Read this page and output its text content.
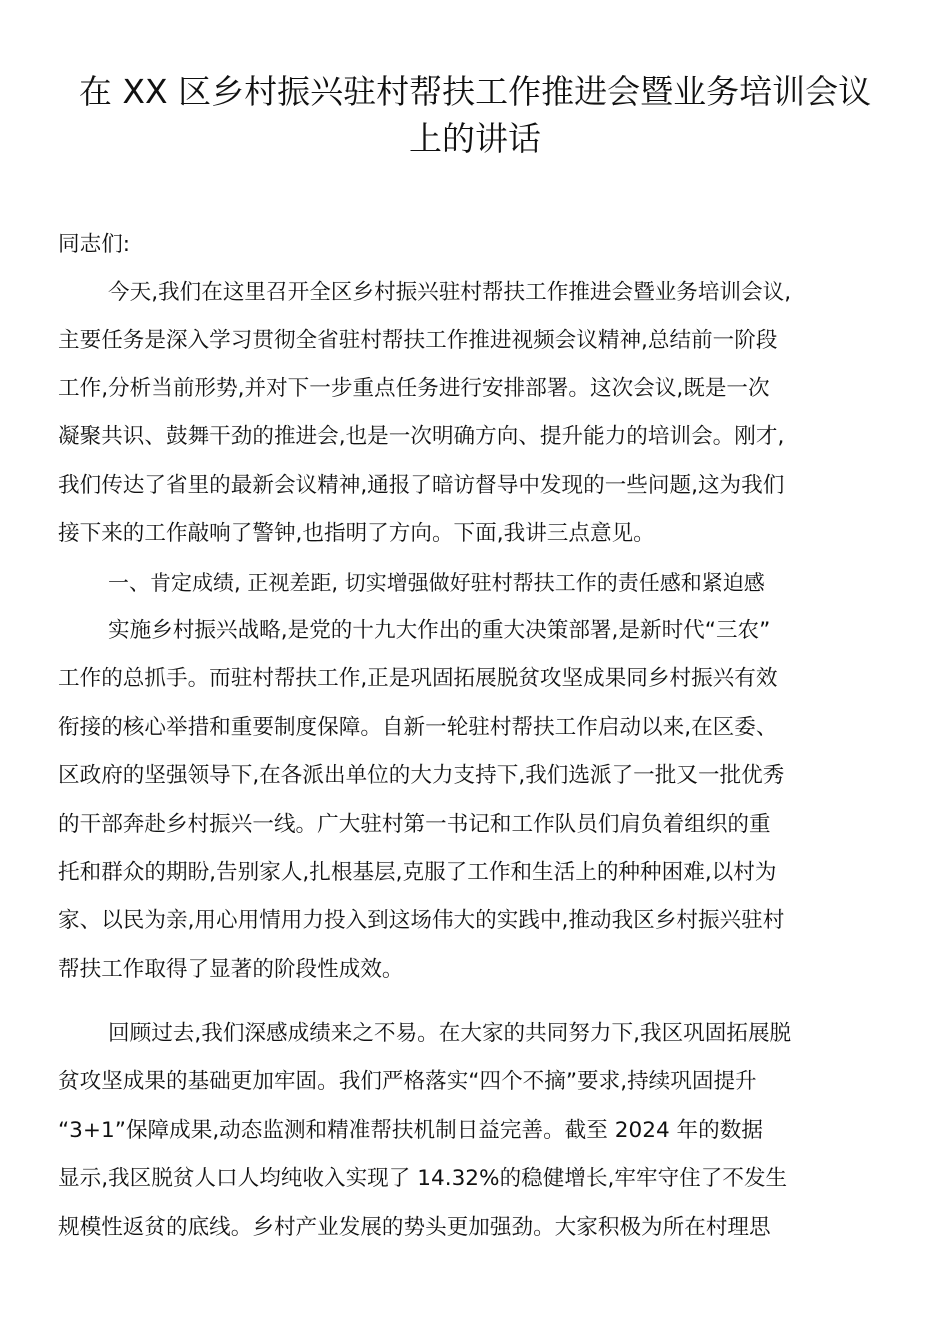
在 XX 区乡村振兴驻村帮扶工作推进会暨业务培训会议
上的讲话
同志们:
今天,我们在这里召开全区乡村振兴驻村帮扶工作推进会暨业务培训会议,
主要任务是深入学习贯彻全省驻村帮扶工作推进视频会议精神,总结前一阶段
工作,分析当前形势,并对下一步重点任务进行安排部署。这次会议,既是一次
凝聚共识、鼓舞干劲的推进会,也是一次明确方向、提升能力的培训会。刚才,
我们传达了省里的最新会议精神,通报了暗访督导中发现的一些问题,这为我们
接下来的工作敲响了警钟,也指明了方向。下面,我讲三点意见。
一、肯定成绩, 正视差距, 切实增强做好驻村帮扶工作的责任感和紧迫感
实施乡村振兴战略,是党的十九大作出的重大决策部署,是新时代“三农”
工作的总抓手。而驻村帮扶工作,正是巩固拓展脱贫攻坚成果同乡村振兴有效
衔接的核心举措和重要制度保障。自新一轮驻村帮扶工作启动以来,在区委、
区政府的坚强领导下,在各派出单位的大力支持下,我们选派了一批又一批优秀
的干部奔赴乡村振兴一线。广大驻村第一书记和工作队员们肩负着组织的重
托和群众的期盼,告别家人,扎根基层,克服了工作和生活上的种种困难,以村为
家、以民为亲,用心用情用力投入到这场伟大的实践中,推动我区乡村振兴驻村
帮扶工作取得了显著的阶段性成效。
回顾过去,我们深感成绩来之不易。在大家的共同努力下,我区巩固拓展脱
贫攻坚成果的基础更加牢固。我们严格落实“四个不摘”要求,持续巩固提升
“3+1”保障成果,动态监测和精准帮扶机制日益完善。截至 2024 年的数据
显示,我区脱贫人口人均纯收入实现了 14.32%的稳健增长,牢牢守住了不发生
规模性返贫的底线。乡村产业发展的势头更加强劲。大家积极为所在村理思
